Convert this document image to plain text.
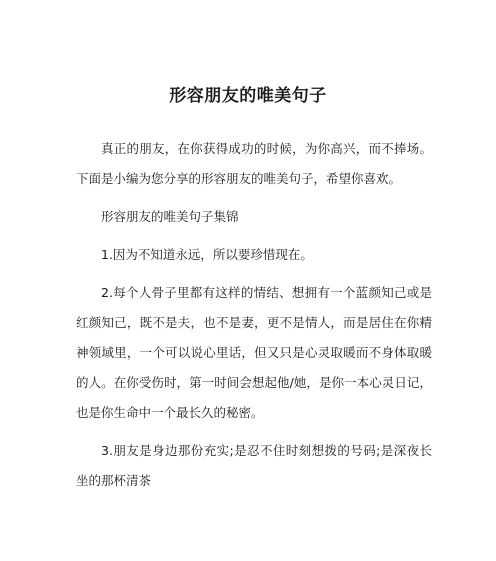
形容朋友的唯美句子

真正的朋友，在你获得成功的时候，为你高兴，而不捧场。下面是小编为您分享的形容朋友的唯美句子，希望你喜欢。

形容朋友的唯美句子集锦

1.因为不知道永远，所以要珍惜现在。

2.每个人骨子里都有这样的情结、想拥有一个蓝颜知己或是红颜知己，既不是夫，也不是妻，更不是情人，而是居住在你精神领域里，一个可以说心里话，但又只是心灵取暖而不身体取暖的人。在你受伤时，第一时间会想起他/她，是你一本心灵日记，也是你生命中一个最长久的秘密。

3.朋友是身边那份充实;是忍不住时刻想拨的号码;是深夜长坐的那杯清茶
